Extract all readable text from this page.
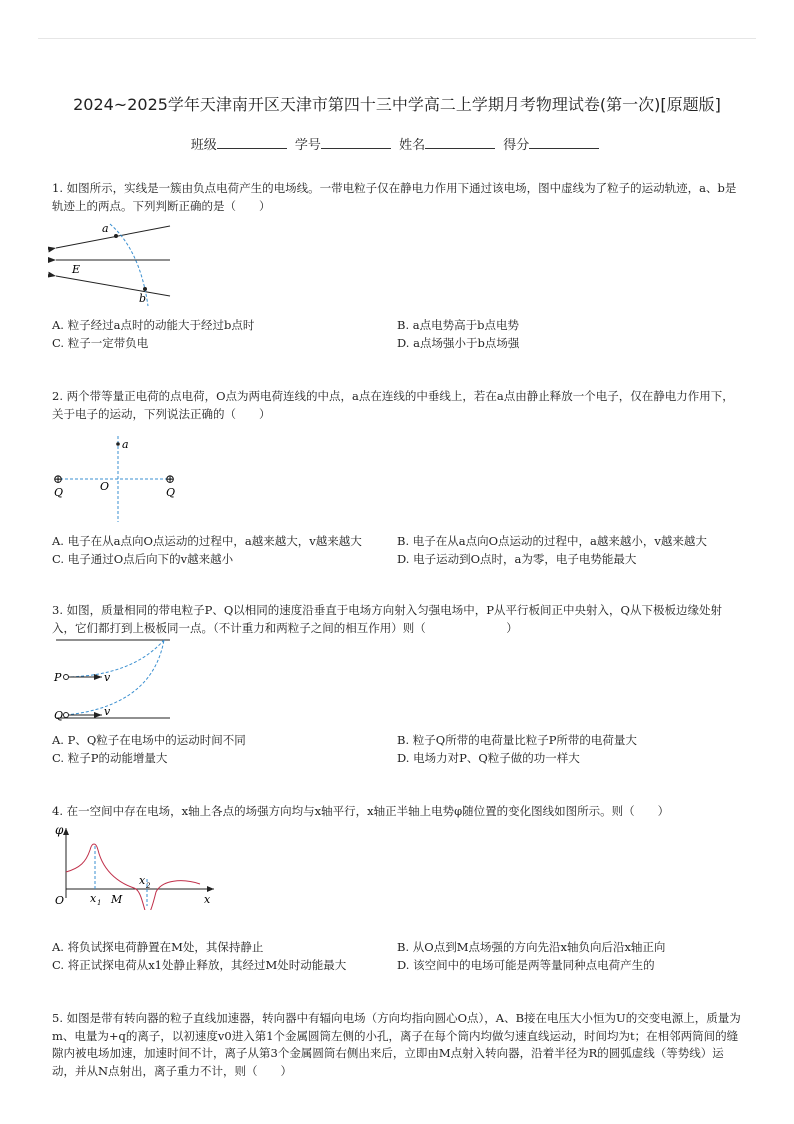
2024~2025学年天津南开区天津市第四十三中学高二上学期月考物理试卷(第一次)[原题版]
班级	学号	姓名	得分
1. 如图所示，实线是一簇由负点电荷产生的电场线。一带电粒子仅在静电力作用下通过该电场，图中虚线为了粒子的运动轨迹，a、b是轨迹上的两点。下列判断正确的是（　　）
a
b
E
A. 粒子经过a点时的动能大于经过b点时	B. a点电势高于b点电势
C. 粒子一定带负电	D. a点场强小于b点场强
2. 两个带等量正电荷的点电荷，O点为两电荷连线的中点，a点在连线的中垂线上，若在a点由静止释放一个电子，仅在静电力作用下，关于电子的运动，下列说法正确的（　　）
a
O
⊕	⊕
Q	Q
A. 电子在从a点向O点运动的过程中，a越来越大，v越来越大	B. 电子在从a点向O点运动的过程中，a越来越小，v越来越大
C. 电子通过O点后向下的v越来越小	D. 电子运动到O点时，a为零，电子电势能最大
3. 如图，质量相同的带电粒子P、Q以相同的速度沿垂直于电场方向射入匀强电场中，P从平行板间正中央射入，Q从下极板边缘处射入，它们都打到上极板同一点。（不计重力和两粒子之间的相互作用）则（　　　　　　　）
P
Q
v
v
A. P、Q粒子在电场中的运动时间不同	B. 粒子Q所带的电荷量比粒子P所带的电荷量大
C. 粒子P的动能增量大	D. 电场力对P、Q粒子做的功一样大
4. 在一空间中存在电场，x轴上各点的场强方向均与x轴平行，x轴正半轴上电势φ随位置的变化图线如图所示。则（　　）
φ
O x 1 M
x 2
x
A. 将负试探电荷静置在M处，其保持静止	B. 从O点到M点场强的方向先沿x轴负向后沿x轴正向
C. 将正试探电荷从x1处静止释放，其经过M处时动能最大	D. 该空间中的电场可能是两等量同种点电荷产生的
5. 如图是带有转向器的粒子直线加速器，转向器中有辐向电场（方向均指向圆心O点），A、B接在电压大小恒为U的交变电源上，质量为m、电量为+q的离子，以初速度v0进入第1个金属圆筒左侧的小孔，离子在每个筒内均做匀速直线运动，时间均为t；在相邻两筒间的缝隙内被电场加速，加速时间不计，离子从第3个金属圆筒右侧出来后，立即由M点射入转向器，沿着半径为R的圆弧虚线（等势线）运动，并从N点射出，离子重力不计，则（　　）
